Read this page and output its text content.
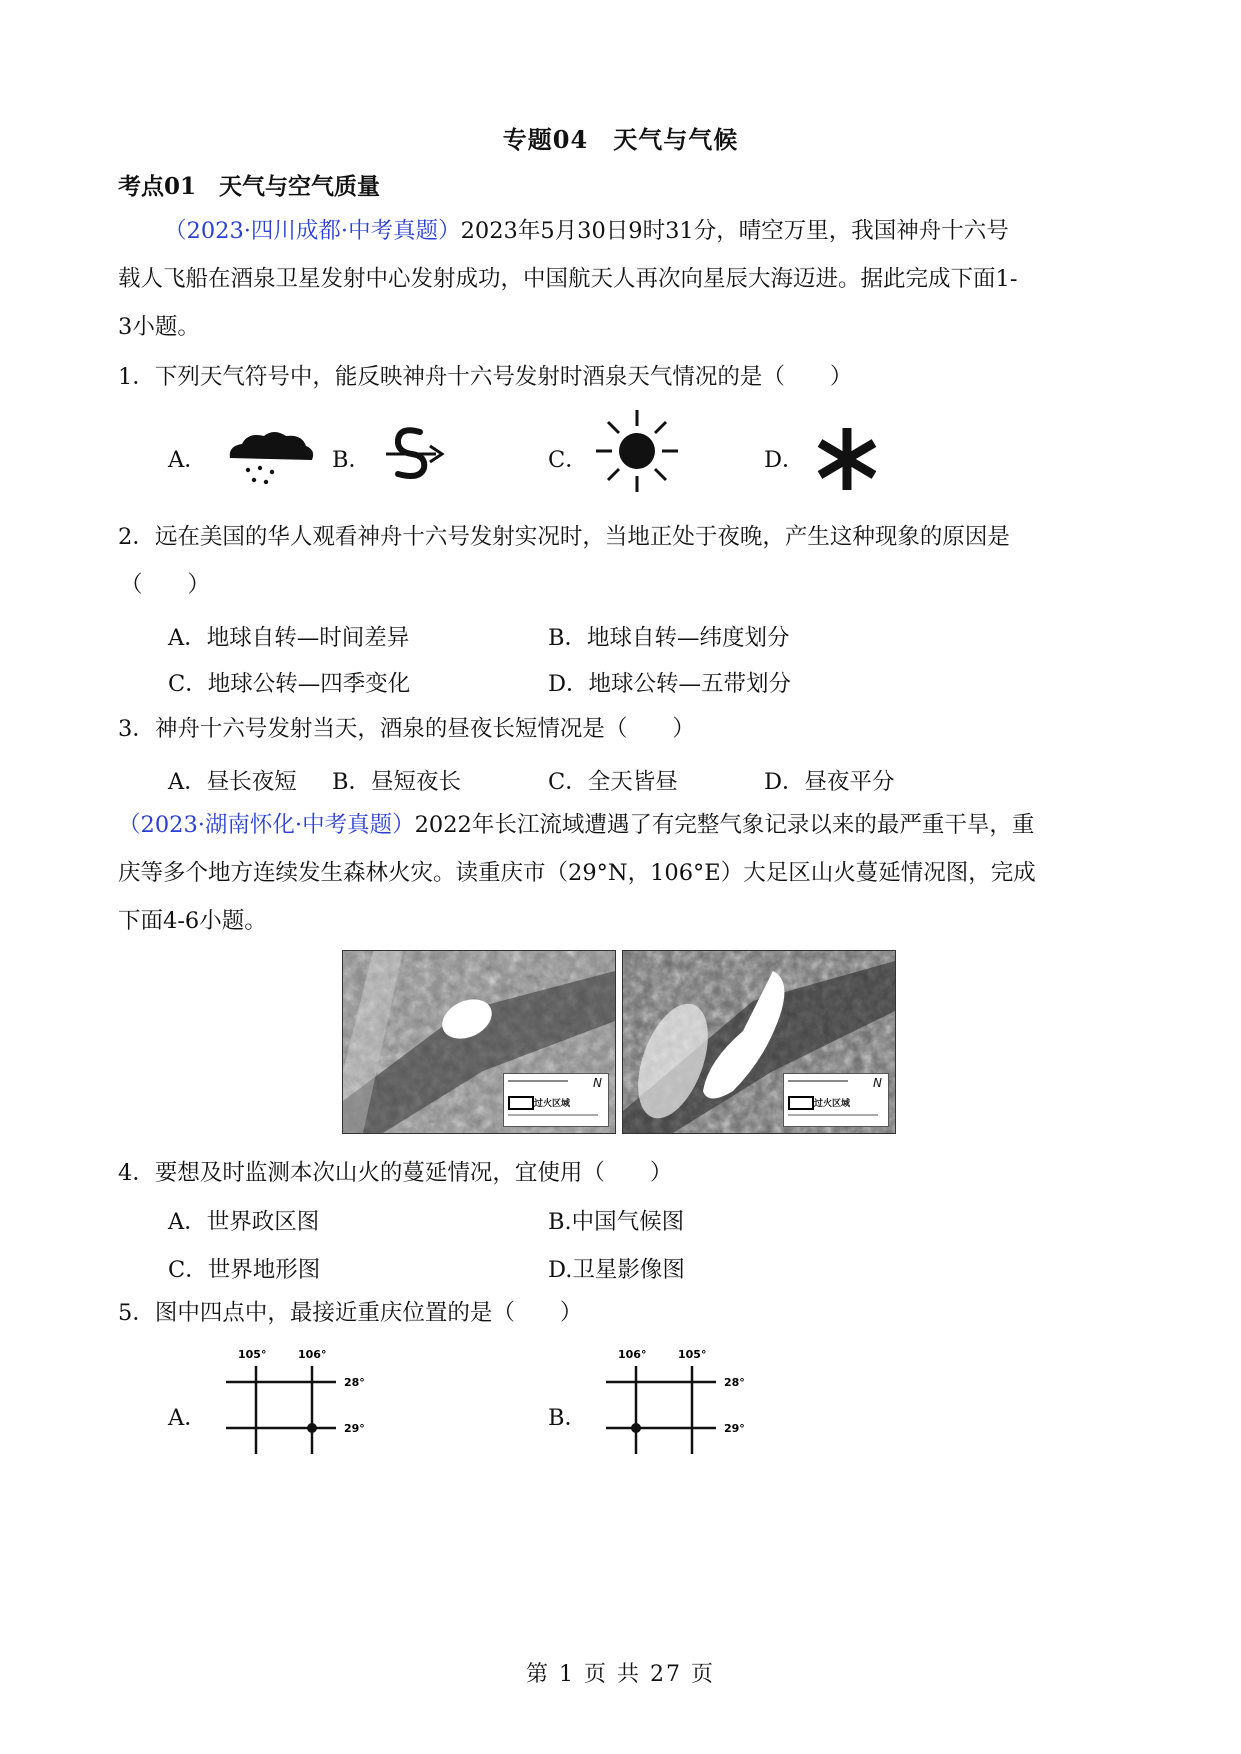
专题04　天气与气候
考点01　天气与空气质量
（2023·四川成都·中考真题）2023年5月30日9时31分，晴空万里，我国神舟十六号
载人飞船在酒泉卫星发射中心发射成功，中国航天人再次向星辰大海迈进。据此完成下面1-
3小题。
1．下列天气符号中，能反映神舟十六号发射时酒泉天气情况的是（　　）
A．	B．	C．	D．
2．远在美国的华人观看神舟十六号发射实况时，当地正处于夜晚，产生这种现象的原因是
（　　）
A．地球自转—时间差异	B．地球自转—纬度划分
C．地球公转—四季变化	D．地球公转—五带划分
3．神舟十六号发射当天，酒泉的昼夜长短情况是（　　）
A．昼长夜短 B．昼短夜长	C．全天皆昼	D．昼夜平分
（2023·湖南怀化·中考真题）2022年长江流域遭遇了有完整气象记录以来的最严重干旱，重
庆等多个地方连续发生森林火灾。读重庆市（29°N，106°E）大足区山火蔓延情况图，完成
下面4-6小题。
N
过火区域
N
过火区域
4．要想及时监测本次山火的蔓延情况，宜使用（　　）
A．世界政区图	B.中国气候图
C．世界地形图	D.卫星影像图
5．图中四点中，最接近重庆位置的是（　　）
A．
105°	106°
28°
29°	B．
106°	105°
28°
29°
第 1 页 共 27 页
